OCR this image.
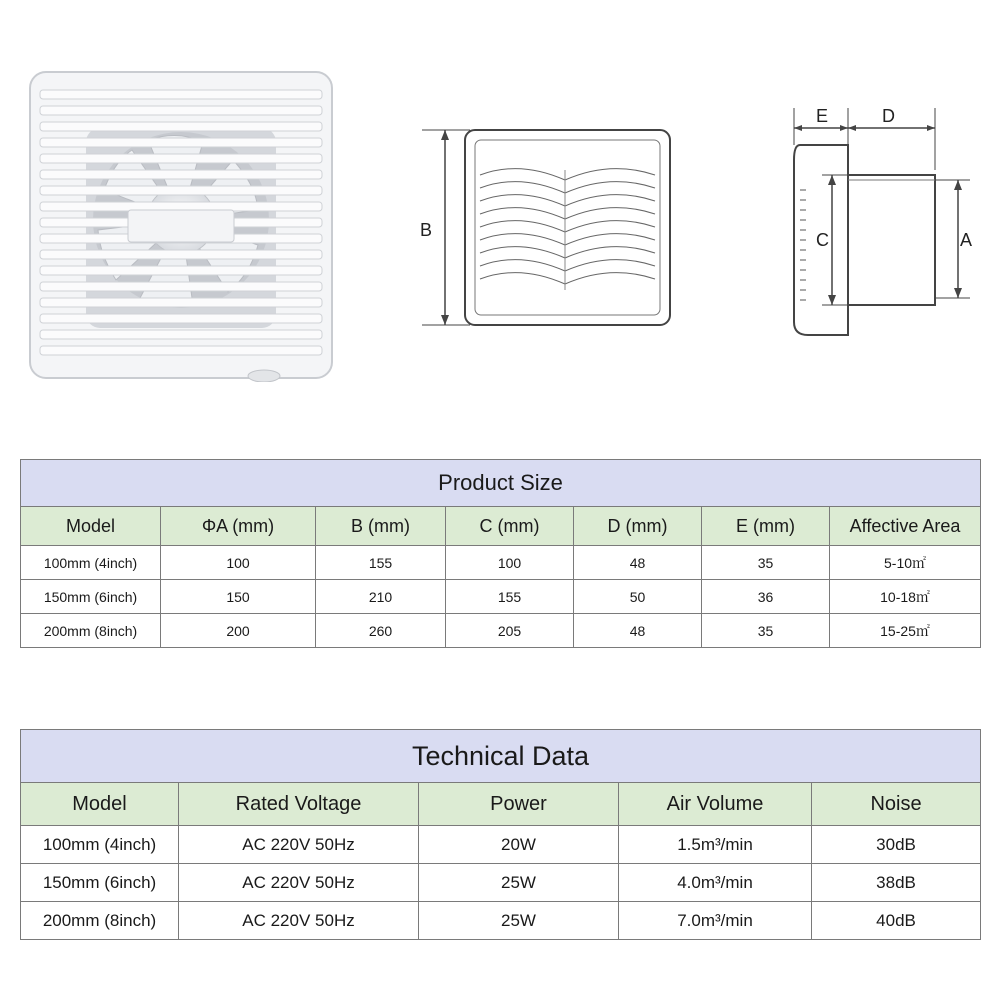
B
E	D
C	A
Product Size						
Model	ΦA (mm)	B (mm)	C (mm)	D (mm)	E (mm)	Affective Area
100mm (4inch)	100	155	100	48	35	5-10㎡
150mm (6inch)	150	210	155	50	36	10-18㎡
200mm (8inch)	200	260	205	48	35	15-25㎡
Technical Data				
Model	Rated Voltage	Power	Air Volume	Noise
100mm (4inch)	AC 220V 50Hz	20W	1.5m³/min	30dB
150mm (6inch)	AC 220V 50Hz	25W	4.0m³/min	38dB
200mm (8inch)	AC 220V 50Hz	25W	7.0m³/min	40dB
